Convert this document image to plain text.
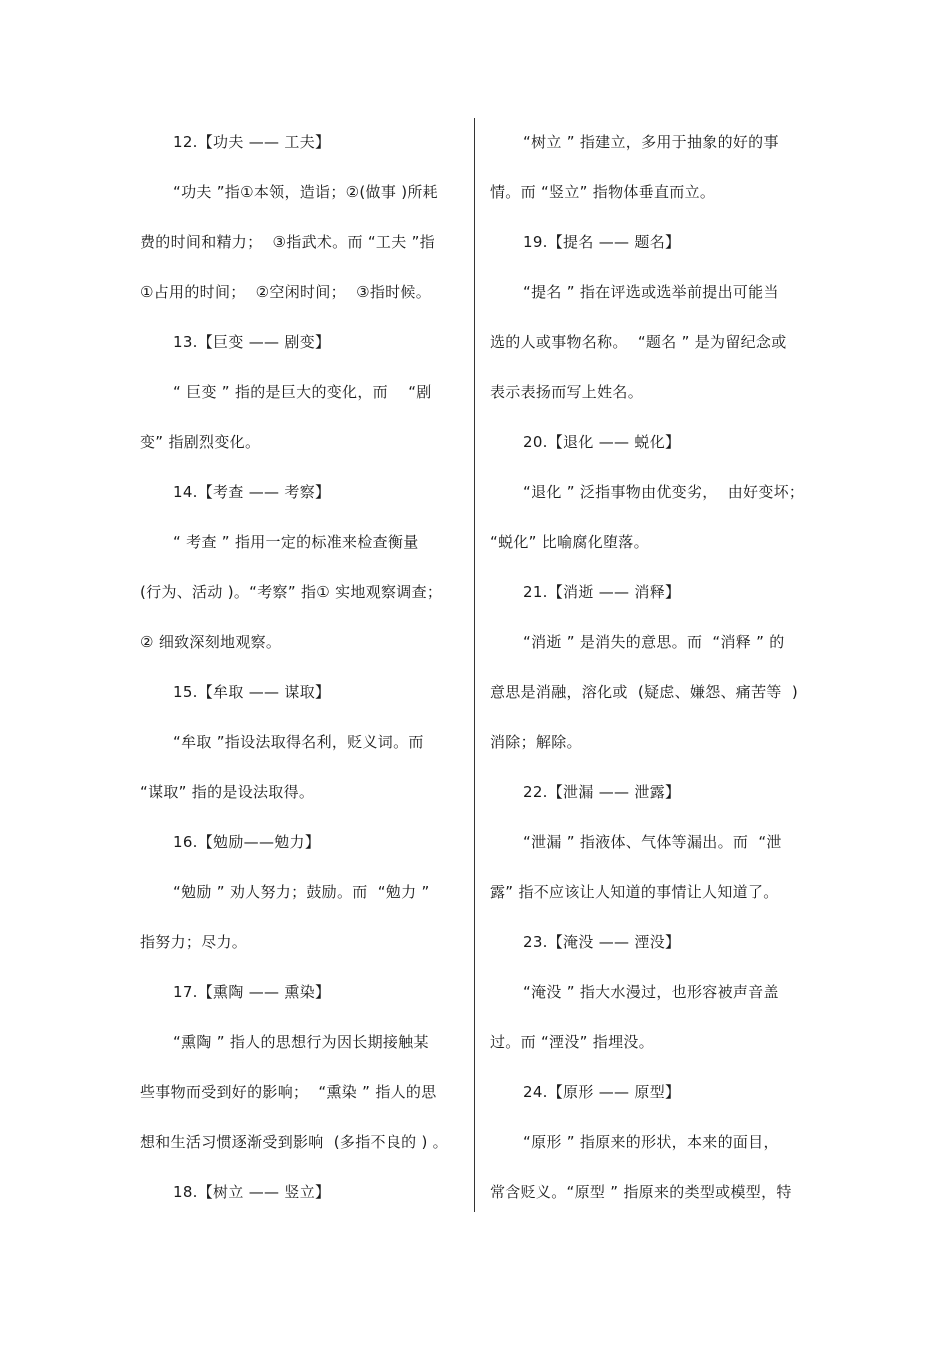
12.【功夫 —— 工夫】
“功夫 ”指①本领，造诣；②(做事 )所耗
费的时间和精力；  ③指武术。而 “工夫 ”指
①占用的时间；  ②空闲时间；  ③指时候。
13.【巨变 —— 剧变】
“ 巨变 ” 指的是巨大的变化，而    “剧
变” 指剧烈变化。
14.【考查 —— 考察】
“ 考查 ” 指用一定的标准来检查衡量
(行为、活动 )。“考察” 指① 实地观察调查；
② 细致深刻地观察。
15.【牟取 —— 谋取】
“牟取 ”指设法取得名利，贬义词。而
“谋取” 指的是设法取得。
16.【勉励——勉力】
“勉励 ” 劝人努力；鼓励。而  “勉力 ”
指努力；尽力。
17.【熏陶 —— 熏染】
“熏陶 ” 指人的思想行为因长期接触某
些事物而受到好的影响；  “熏染 ” 指人的思
想和生活习惯逐渐受到影响  (多指不良的 ) 。
18.【树立 —— 竖立】
“树立 ” 指建立，多用于抽象的好的事
情。而 “竖立” 指物体垂直而立。
19.【提名 —— 题名】
“提名 ” 指在评选或选举前提出可能当
选的人或事物名称。  “题名 ” 是为留纪念或
表示表扬而写上姓名。
20.【退化 —— 蜕化】
“退化 ” 泛指事物由优变劣，  由好变坏；
“蜕化” 比喻腐化堕落。
21.【消逝 —— 消释】
“消逝 ” 是消失的意思。而  “消释 ” 的
意思是消融，溶化或  (疑虑、嫌怨、痛苦等  )
消除；解除。
22.【泄漏 —— 泄露】
“泄漏 ” 指液体、气体等漏出。而  “泄
露” 指不应该让人知道的事情让人知道了。
23.【淹没 —— 湮没】
“淹没 ” 指大水漫过，也形容被声音盖
过。而 “湮没” 指埋没。
24.【原形 —— 原型】
“原形 ” 指原来的形状，本来的面目，
常含贬义。“原型 ” 指原来的类型或模型，特
